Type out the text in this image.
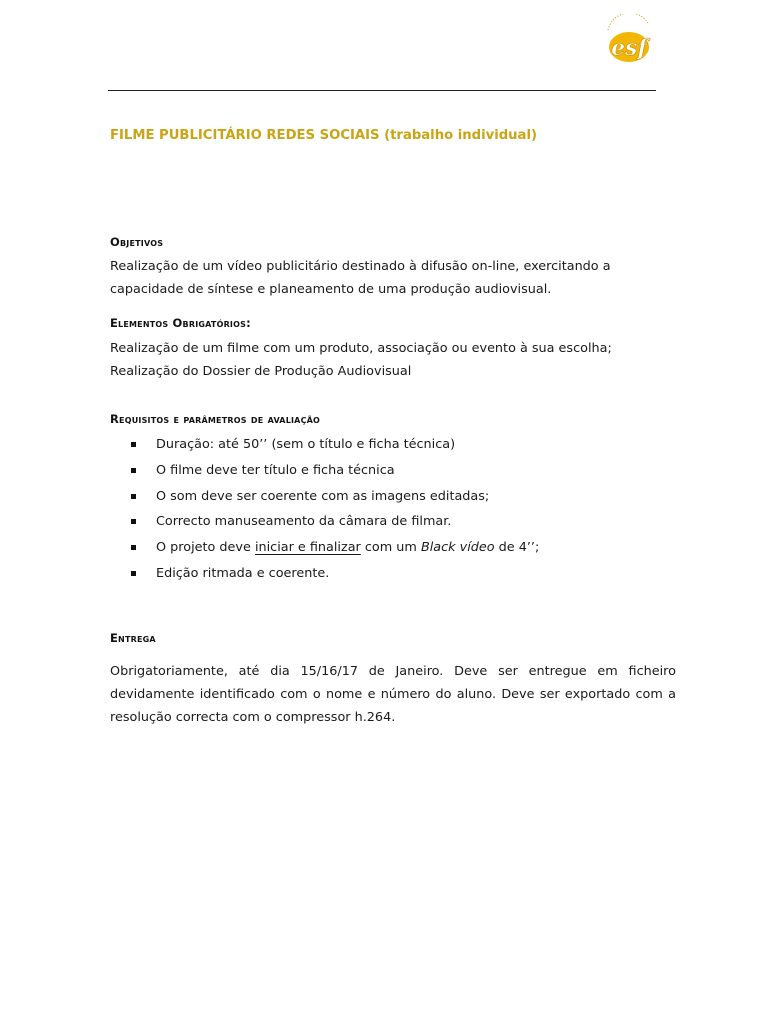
esf
FILME PUBLICITÁRIO REDES SOCIAIS (trabalho individual)
Objetivos
Realização de um vídeo publicitário destinado à difusão on-line, exercitando a
capacidade de síntese e planeamento de uma produção audiovisual.
Elementos Obrigatórios:
Realização de um filme com um produto, associação ou evento à sua escolha;
Realização do Dossier de Produção Audiovisual
Requisitos e parâmetros de avaliação
Duração: até 50’’ (sem o título e ficha técnica)
O filme deve ter título e ficha técnica
O som deve ser coerente com as imagens editadas;
Correcto manuseamento da câmara de filmar.
O projeto deve iniciar e finalizar com um Black vídeo de 4’’;
Edição ritmada e coerente.
Entrega
Obrigatoriamente, até dia 15/16/17 de Janeiro. Deve ser entregue em ficheiro devidamente identificado com o nome e número do aluno. Deve ser exportado com a resolução correcta com o compressor h.264.
